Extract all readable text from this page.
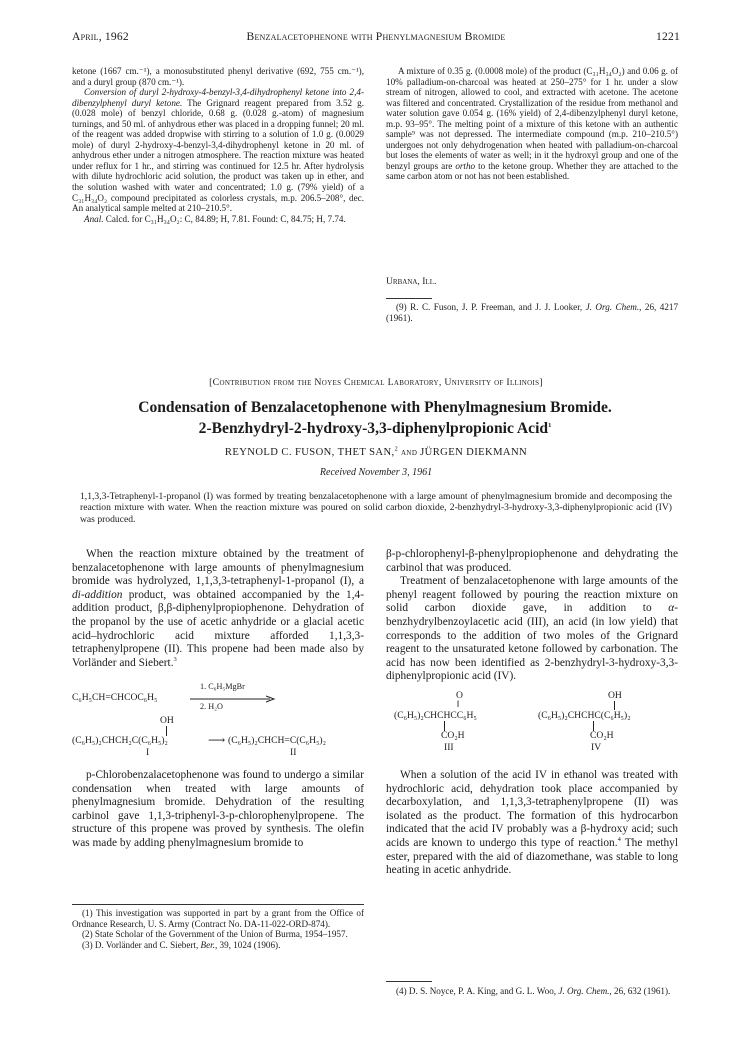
April, 1962	Benzalacetophenone with Phenylmagnesium Bromide	1221

ketone (1667 cm.⁻¹), a monosubstituted phenyl derivative (692, 755 cm.⁻¹), and a duryl group (870 cm.⁻¹).

Conversion of duryl 2-hydroxy-4-benzyl-3,4-dihydrophenyl ketone into 2,4-dibenzylphenyl duryl ketone. The Grignard reagent prepared from 3.52 g. (0.028 mole) of benzyl chloride, 0.68 g. (0.028 g.-atom) of magnesium turnings, and 50 ml. of anhydrous ether was placed in a dropping funnel; 20 ml. of the reagent was added dropwise with stirring to a solution of 1.0 g. (0.0029 mole) of duryl 2-hydroxy-4-benzyl-3,4-dihydrophenyl ketone in 20 ml. of anhydrous ether under a nitrogen atmosphere. The reaction mixture was heated under reflux for 1 hr., and stirring was continued for 12.5 hr. After hydrolysis with dilute hydrochloric acid solution, the product was taken up in ether, and the solution washed with water and concentrated; 1.0 g. (79% yield) of a C₃₁H₃₄O₂ compound precipitated as colorless crystals, m.p. 206.5–208°, dec. An analytical sample melted at 210–210.5°.

Anal. Calcd. for C₃₁H₃₄O₂: C, 84.89; H, 7.81. Found: C, 84.75; H, 7.74.

A mixture of 0.35 g. (0.0008 mole) of the product (C₃₁H₃₄O₂) and 0.06 g. of 10% palladium-on-charcoal was heated at 250–275° for 1 hr. under a slow stream of nitrogen, allowed to cool, and extracted with acetone. The acetone was filtered and concentrated. Crystallization of the residue from methanol and water solution gave 0.054 g. (16% yield) of 2,4-dibenzylphenyl duryl ketone, m.p. 93–95°. The melting point of a mixture of this ketone with an authentic sample⁹ was not depressed. The intermediate compound (m.p. 210–210.5°) undergoes not only dehydrogenation when heated with palladium-on-charcoal but loses the elements of water as well; in it the hydroxyl group and one of the benzyl groups are ortho to the ketone group. Whether they are attached to the same carbon atom or not has not been established.

Urbana, Ill.

(9) R. C. Fuson, J. P. Freeman, and J. J. Looker, J. Org. Chem., 26, 4217 (1961).

[Contribution from the Noyes Chemical Laboratory, University of Illinois]
Condensation of Benzalacetophenone with Phenylmagnesium Bromide.
2-Benzhydryl-2-hydroxy-3,3-diphenylpropionic Acid$^1$
REYNOLD C. FUSON, THET SAN,$^2$ and JÜRGEN DIEKMANN
Received November 3, 1961
1,1,3,3-Tetraphenyl-1-propanol (I) was formed by treating benzalacetophenone with a large amount of phenylmagnesium bromide and decomposing the reaction mixture with water. When the reaction mixture was poured on solid carbon dioxide, 2-benzhydryl-3-hydroxy-3,3-diphenylpropionic acid (IV) was produced.

When the reaction mixture obtained by the treatment of benzalacetophenone with large amounts of phenylmagnesium bromide was hydrolyzed, 1,1,3,3-tetraphenyl-1-propanol (I), a di-addition product, was obtained accompanied by the 1,4-addition product, β,β-diphenylpropiophenone. Dehydration of the propanol by the use of acetic anhydride or a glacial acetic acid–hydrochloric acid mixture afforded 1,1,3,3-tetraphenylpropene (II). This propene had been made also by Vorländer and Siebert.$^3$

C₆H₅CH=CHCOC₆H₅
1. C₆H₅MgBr
2. H₂O
OH
(C₆H₅)₂CHCH₂C(C₆H₅)₂	⟶ (C₆H₅)₂CHCH=C(C₆H₅)₂
I	II

p-Chlorobenzalacetophenone was found to undergo a similar condensation when treated with large amounts of phenylmagnesium bromide. Dehydration of the resulting carbinol gave 1,1,3-triphenyl-3-p-chlorophenylpropene. The structure of this propene was proved by synthesis. The olefin was made by adding phenylmagnesium bromide to

(1) This investigation was supported in part by a grant from the Office of Ordnance Research, U. S. Army (Contract No. DA-11-022-ORD-874).

(2) State Scholar of the Government of the Union of Burma, 1954–1957.

(3) D. Vorländer and C. Siebert, Ber., 39, 1024 (1906).

β-p-chlorophenyl-β-phenylpropiophenone and dehydrating the carbinol that was produced.

Treatment of benzalacetophenone with large amounts of the phenyl reagent followed by pouring the reaction mixture on solid carbon dioxide gave, in addition to α-benzhydrylbenzoylacetic acid (III), an acid (in low yield) that corresponds to the addition of two moles of the Grignard reagent to the unsaturated ketone followed by carbonation. The acid has now been identified as 2-benzhydryl-3-hydroxy-3,3-diphenylpropionic acid (IV).

O
‖
(C₆H₅)₂CHCHCC₆H₅
CO₂H
III
OH
(C₆H₅)₂CHCHC(C₆H₅)₂
CO₂H
IV

When a solution of the acid IV in ethanol was treated with hydrochloric acid, dehydration took place accompanied by decarboxylation, and 1,1,3,3-tetraphenylpropene (II) was isolated as the product. The formation of this hydrocarbon indicated that the acid IV probably was a β-hydroxy acid; such acids are known to undergo this type of reaction.$^4$ The methyl ester, prepared with the aid of diazomethane, was stable to long heating in acetic anhydride.

(4) D. S. Noyce, P. A. King, and G. L. Woo, J. Org. Chem., 26, 632 (1961).
